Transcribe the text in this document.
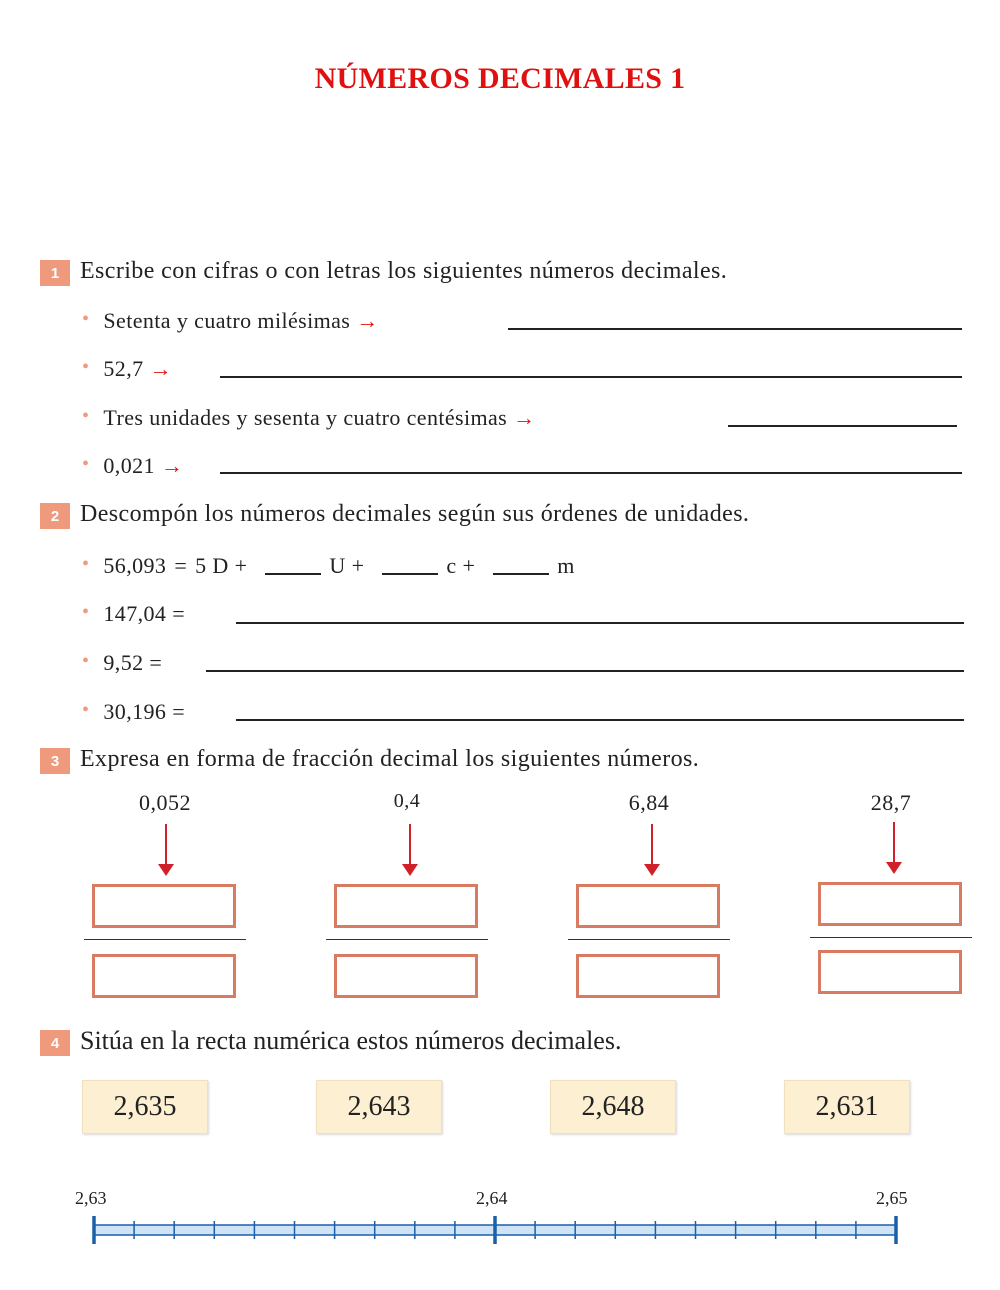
NÚMEROS DECIMALES 1
1 Escribe con cifras o con letras los siguientes números decimales.
• Setenta y cuatro milésimas →
• 52,7 →
• Tres unidades y sesenta y cuatro centésimas →
• 0,021 →
2 Descompón los números decimales según sus órdenes de unidades.
• 56,093 = 5 D +	U +	c +	m
• 147,04 =
• 9,52 =
• 30,196 =
3 Expresa en forma de fracción decimal los siguientes números.
0,052	0,4	6,84	28,7
4 Sitúa en la recta numérica estos números decimales.
2,635	2,643	2,648	2,631
2,63	2,64	2,65
